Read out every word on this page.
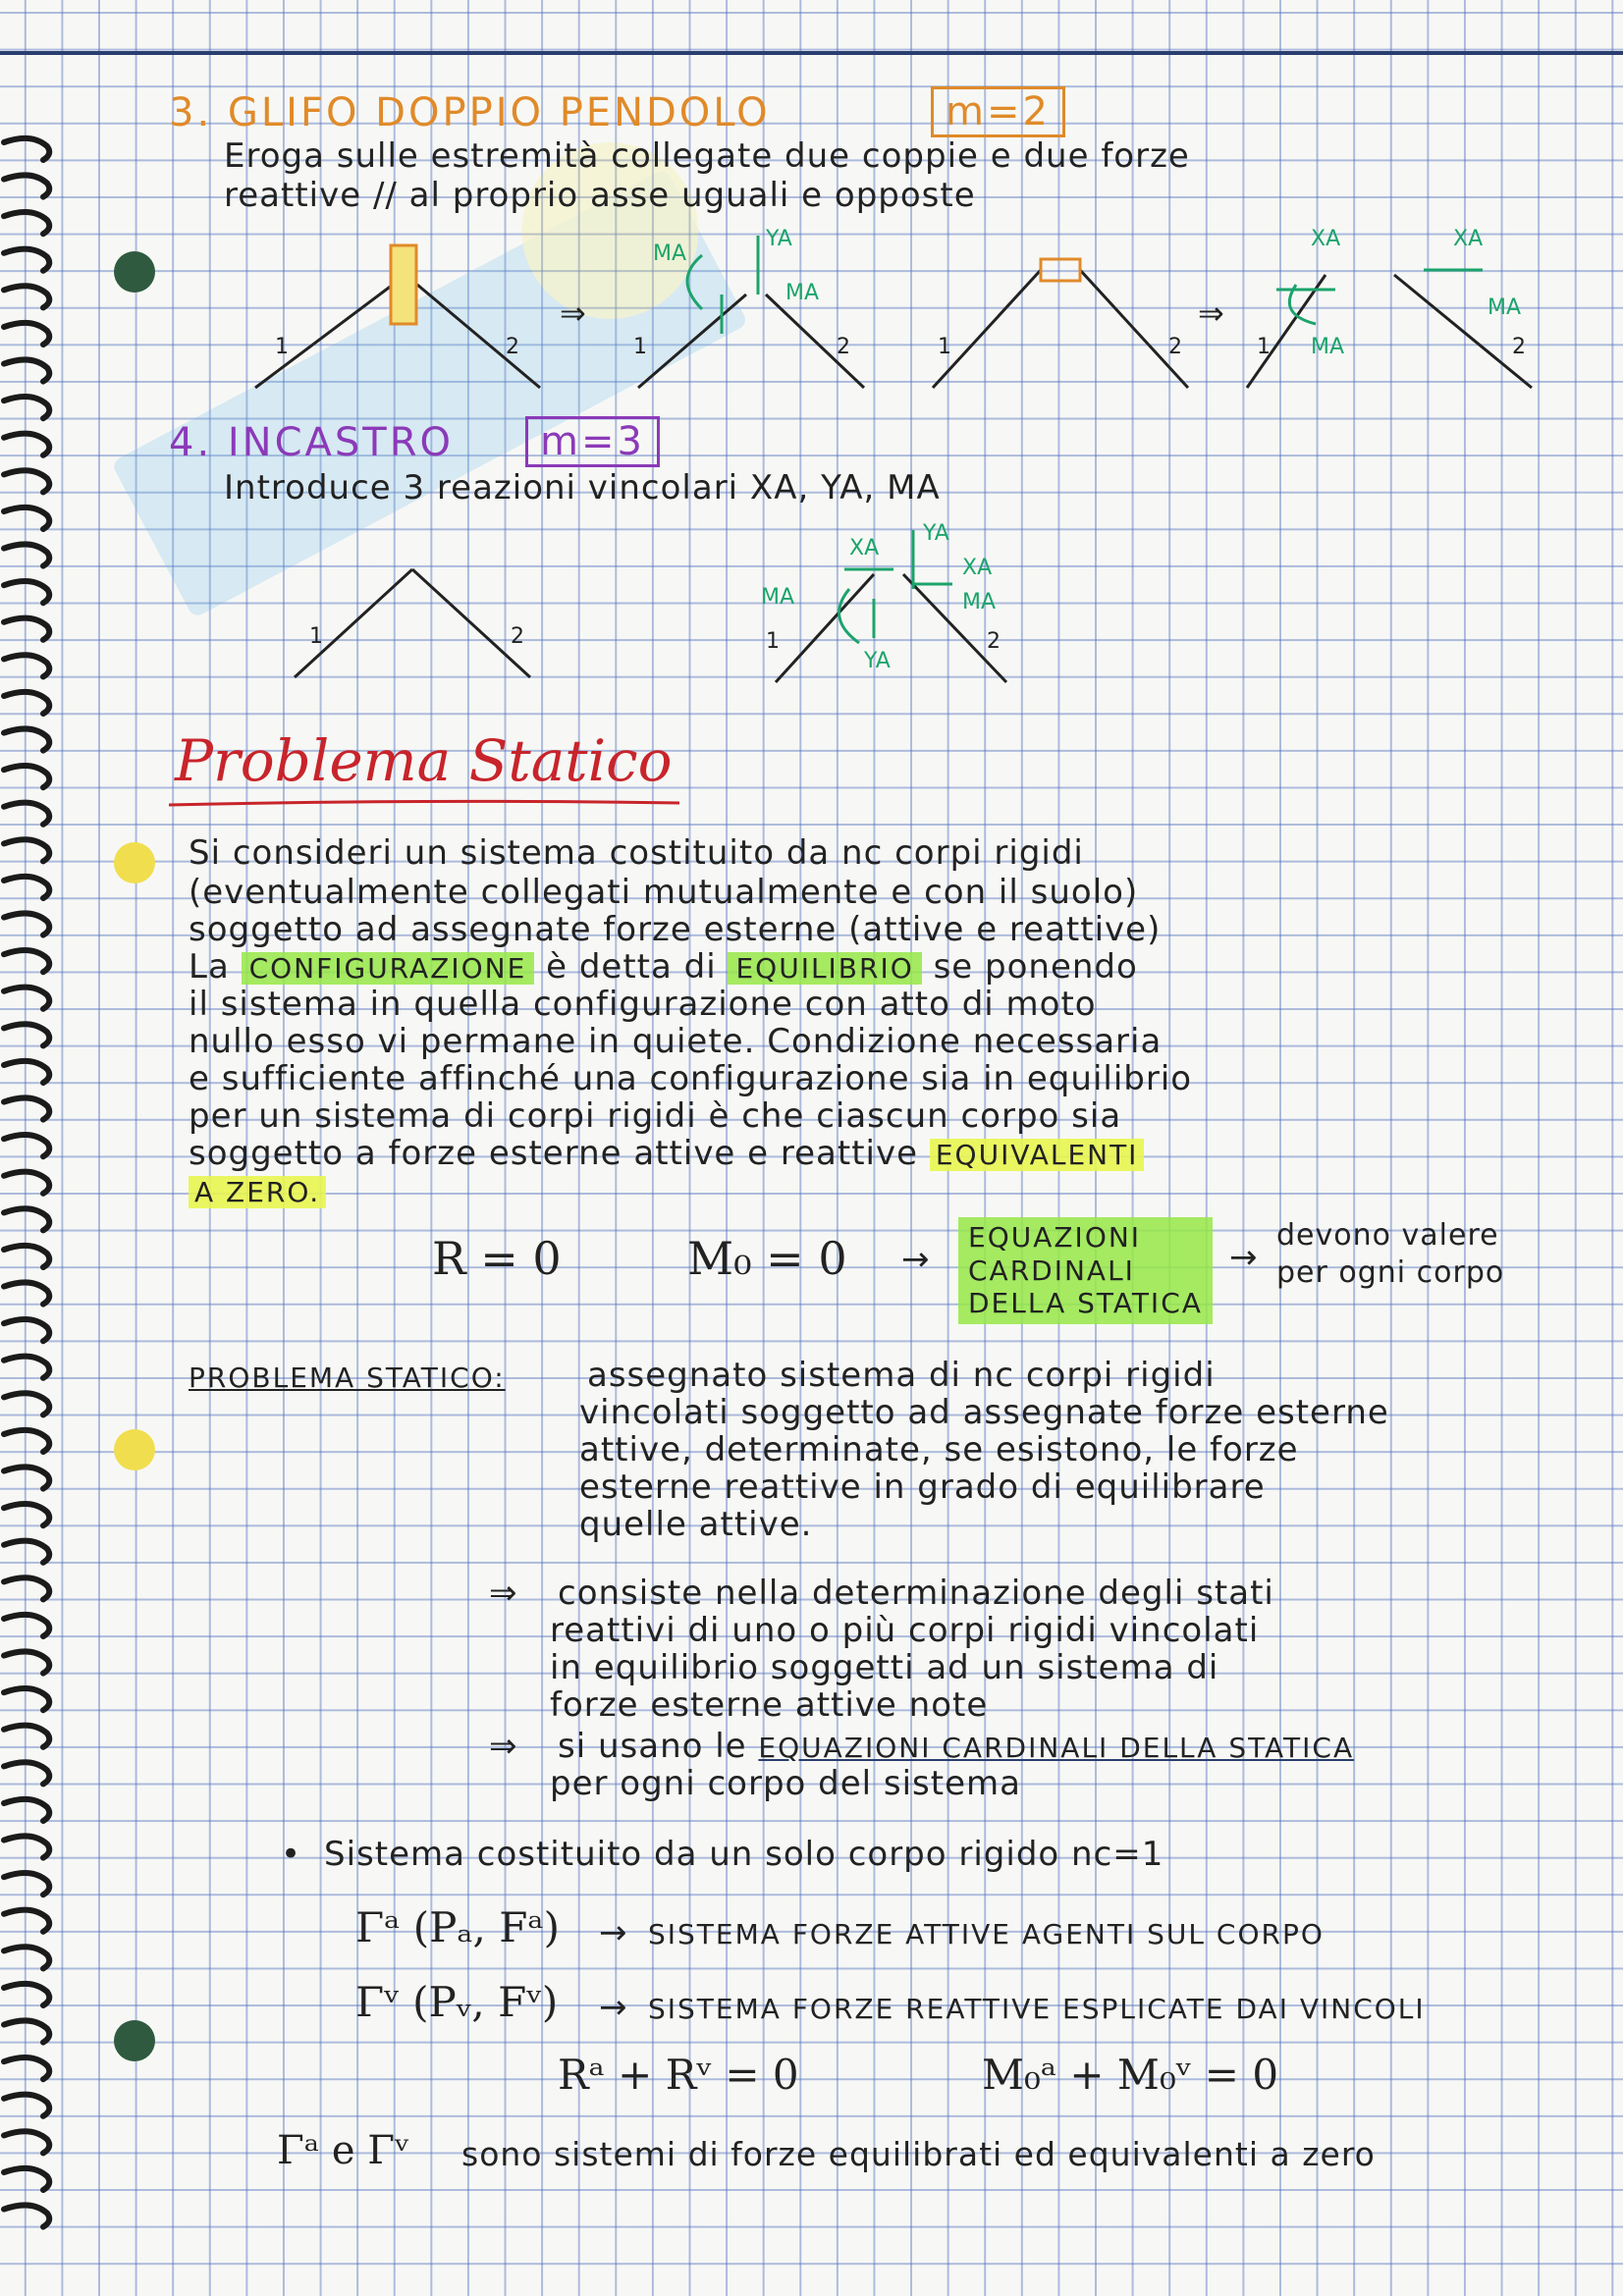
3. GLIFO DOPPIO PENDOLO	m=2
Eroga sulle estremità collegate due coppie e due forze
reattive // al proprio asse uguali e opposte
1	2	1	2	1	2	1	2
⇒	⇒
MA
YA
MA
XA
MA
XA
MA
4. INCASTRO	m=3
Introduce 3 reazioni vincolari XA, YA, MA
1	2	1	2
XA
MA
YA
YA
XA
MA
Problema Statico
Si consideri un sistema costituito da nc corpi rigidi
(eventualmente collegati mutualmente e con il suolo)
soggetto ad assegnate forze esterne (attive e reattive)
La CONFIGURAZIONE è detta di EQUILIBRIO se ponendo
il sistema in quella configurazione con atto di moto
nullo esso vi permane in quiete. Condizione necessaria
e sufficiente affinché una configurazione sia in equilibrio
per un sistema di corpi rigidi è che ciascun corpo sia
soggetto a forze esterne attive e reattive EQUIVALENTI
A ZERO.
R = 0	M₀ = 0 →
EQUAZIONI
CARDINALI
DELLA STATICA
→
devono valere
per ogni corpo
PROBLEMA STATICO: assegnato sistema di nc corpi rigidi
vincolati soggetto ad assegnate forze esterne
attive, determinate, se esistono, le forze
esterne reattive in grado di equilibrare
quelle attive.
⇒ consiste nella determinazione degli stati
reattivi di uno o più corpi rigidi vincolati
in equilibrio soggetti ad un sistema di
forze esterne attive note
⇒ si usano le EQUAZIONI CARDINALI DELLA STATICA
per ogni corpo del sistema
• Sistema costituito da un solo corpo rigido nc=1
Γᵃ (Pₐ, Fᵃ) → SISTEMA FORZE ATTIVE AGENTI SUL CORPO
Γᵛ (Pᵥ, Fᵛ) → SISTEMA FORZE REATTIVE ESPLICATE DAI VINCOLI
Rᵃ + Rᵛ = 0	M₀ᵃ + M₀ᵛ = 0
Γᵃ e Γᵛ sono sistemi di forze equilibrati ed equivalenti a zero
